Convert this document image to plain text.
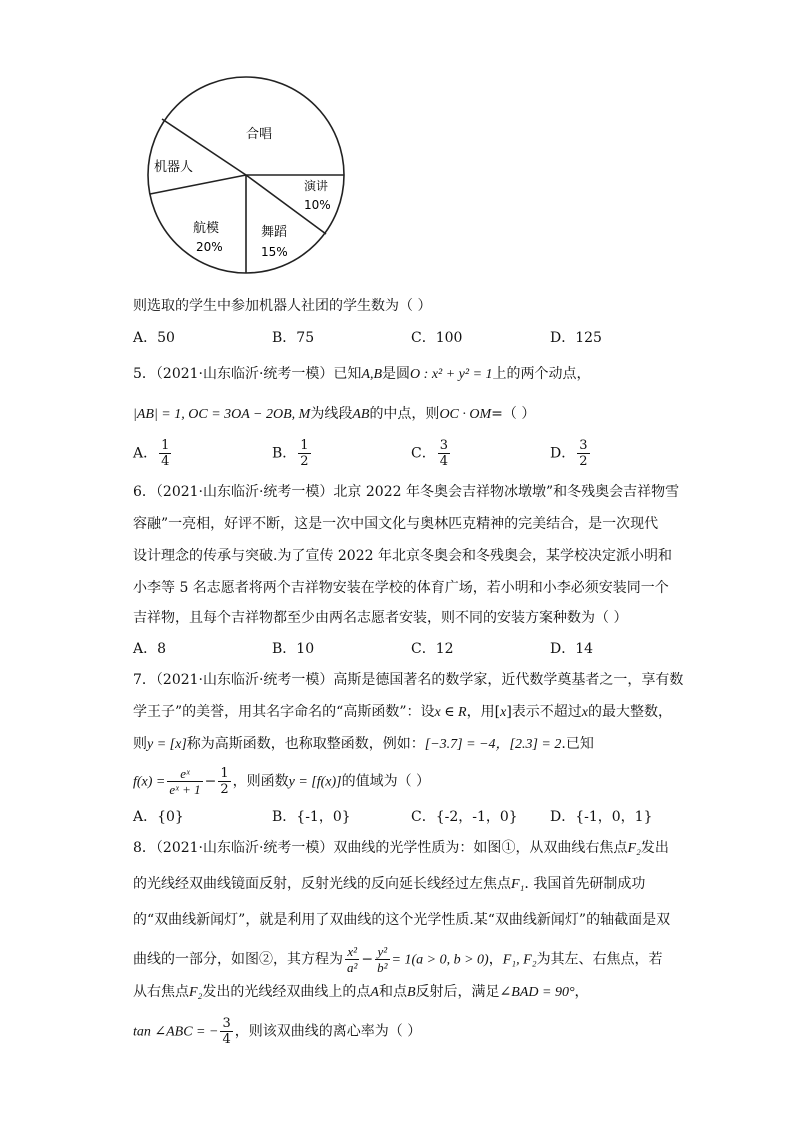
合唱
机器人
演讲
10%
航模
20%
舞蹈
15%
则选取的学生中参加机器人社团的学生数为（ ）
A．50	B．75	C．100	D．125
5．（2021·山东临沂·统考一模）已知A,B是圆O : x² + y² = 1上的两个动点，
|AB| = 1, OC = 3OA − 2OB, M为线段AB的中点，则OC · OM=（ ）
A． $\frac{1}{4}$	B． $\frac{1}{2}$	C． $\frac{3}{4}$	D． $\frac{3}{2}$
6．（2021·山东临沂·统考一模）北京 2022 年冬奥会吉祥物冰墩墩”和冬残奥会吉祥物雪
容融”一亮相，好评不断，这是一次中国文化与奥林匹克精神的完美结合，是一次现代
设计理念的传承与突破.为了宣传 2022 年北京冬奥会和冬残奥会，某学校决定派小明和
小李等 5 名志愿者将两个吉祥物安装在学校的体育广场，若小明和小李必须安装同一个
吉祥物，且每个吉祥物都至少由两名志愿者安装，则不同的安装方案种数为（ ）
A．8	B．10	C．12	D．14
7．（2021·山东临沂·统考一模）高斯是德国著名的数学家，近代数学奠基者之一，享有数
学王子”的美誉，用其名字命名的“高斯函数”：设x ∈ R，用[x]表示不超过x的最大整数，
则y = [x]称为高斯函数，也称取整函数，例如：[−3.7] = −4，[2.3] = 2.已知
$f(x) = \frac{\text{eˣ}}{\text{eˣ + 1}} - \frac{1}{2}$ ，则函数y = [f(x)]的值域为（ ）
A．{0}	B．{-1，0}	C．{-2，-1，0} D．{-1，0，1}
8．（2021·山东临沂·统考一模）双曲线的光学性质为：如图①，从双曲线右焦点F₂发出
的光线经双曲线镜面反射，反射光线的反向延长线经过左焦点F₁. 我国首先研制成功
的“双曲线新闻灯”，就是利用了双曲线的这个光学性质.某“双曲线新闻灯”的轴截面是双
曲线的一部分，如图②，其方程为 $\frac{\text{x²}}{\text{a²}} - \frac{\text{y²}}{\text{b²}} = 1(a > 0$, b > 0)，F₁, F₂为其左、右焦点，若
从右焦点F₂发出的光线经双曲线上的点A和点B反射后，满足∠BAD = 90°，
tan ∠ABC = − $\frac{3}{4}$ ，则该双曲线的离心率为（ ）
